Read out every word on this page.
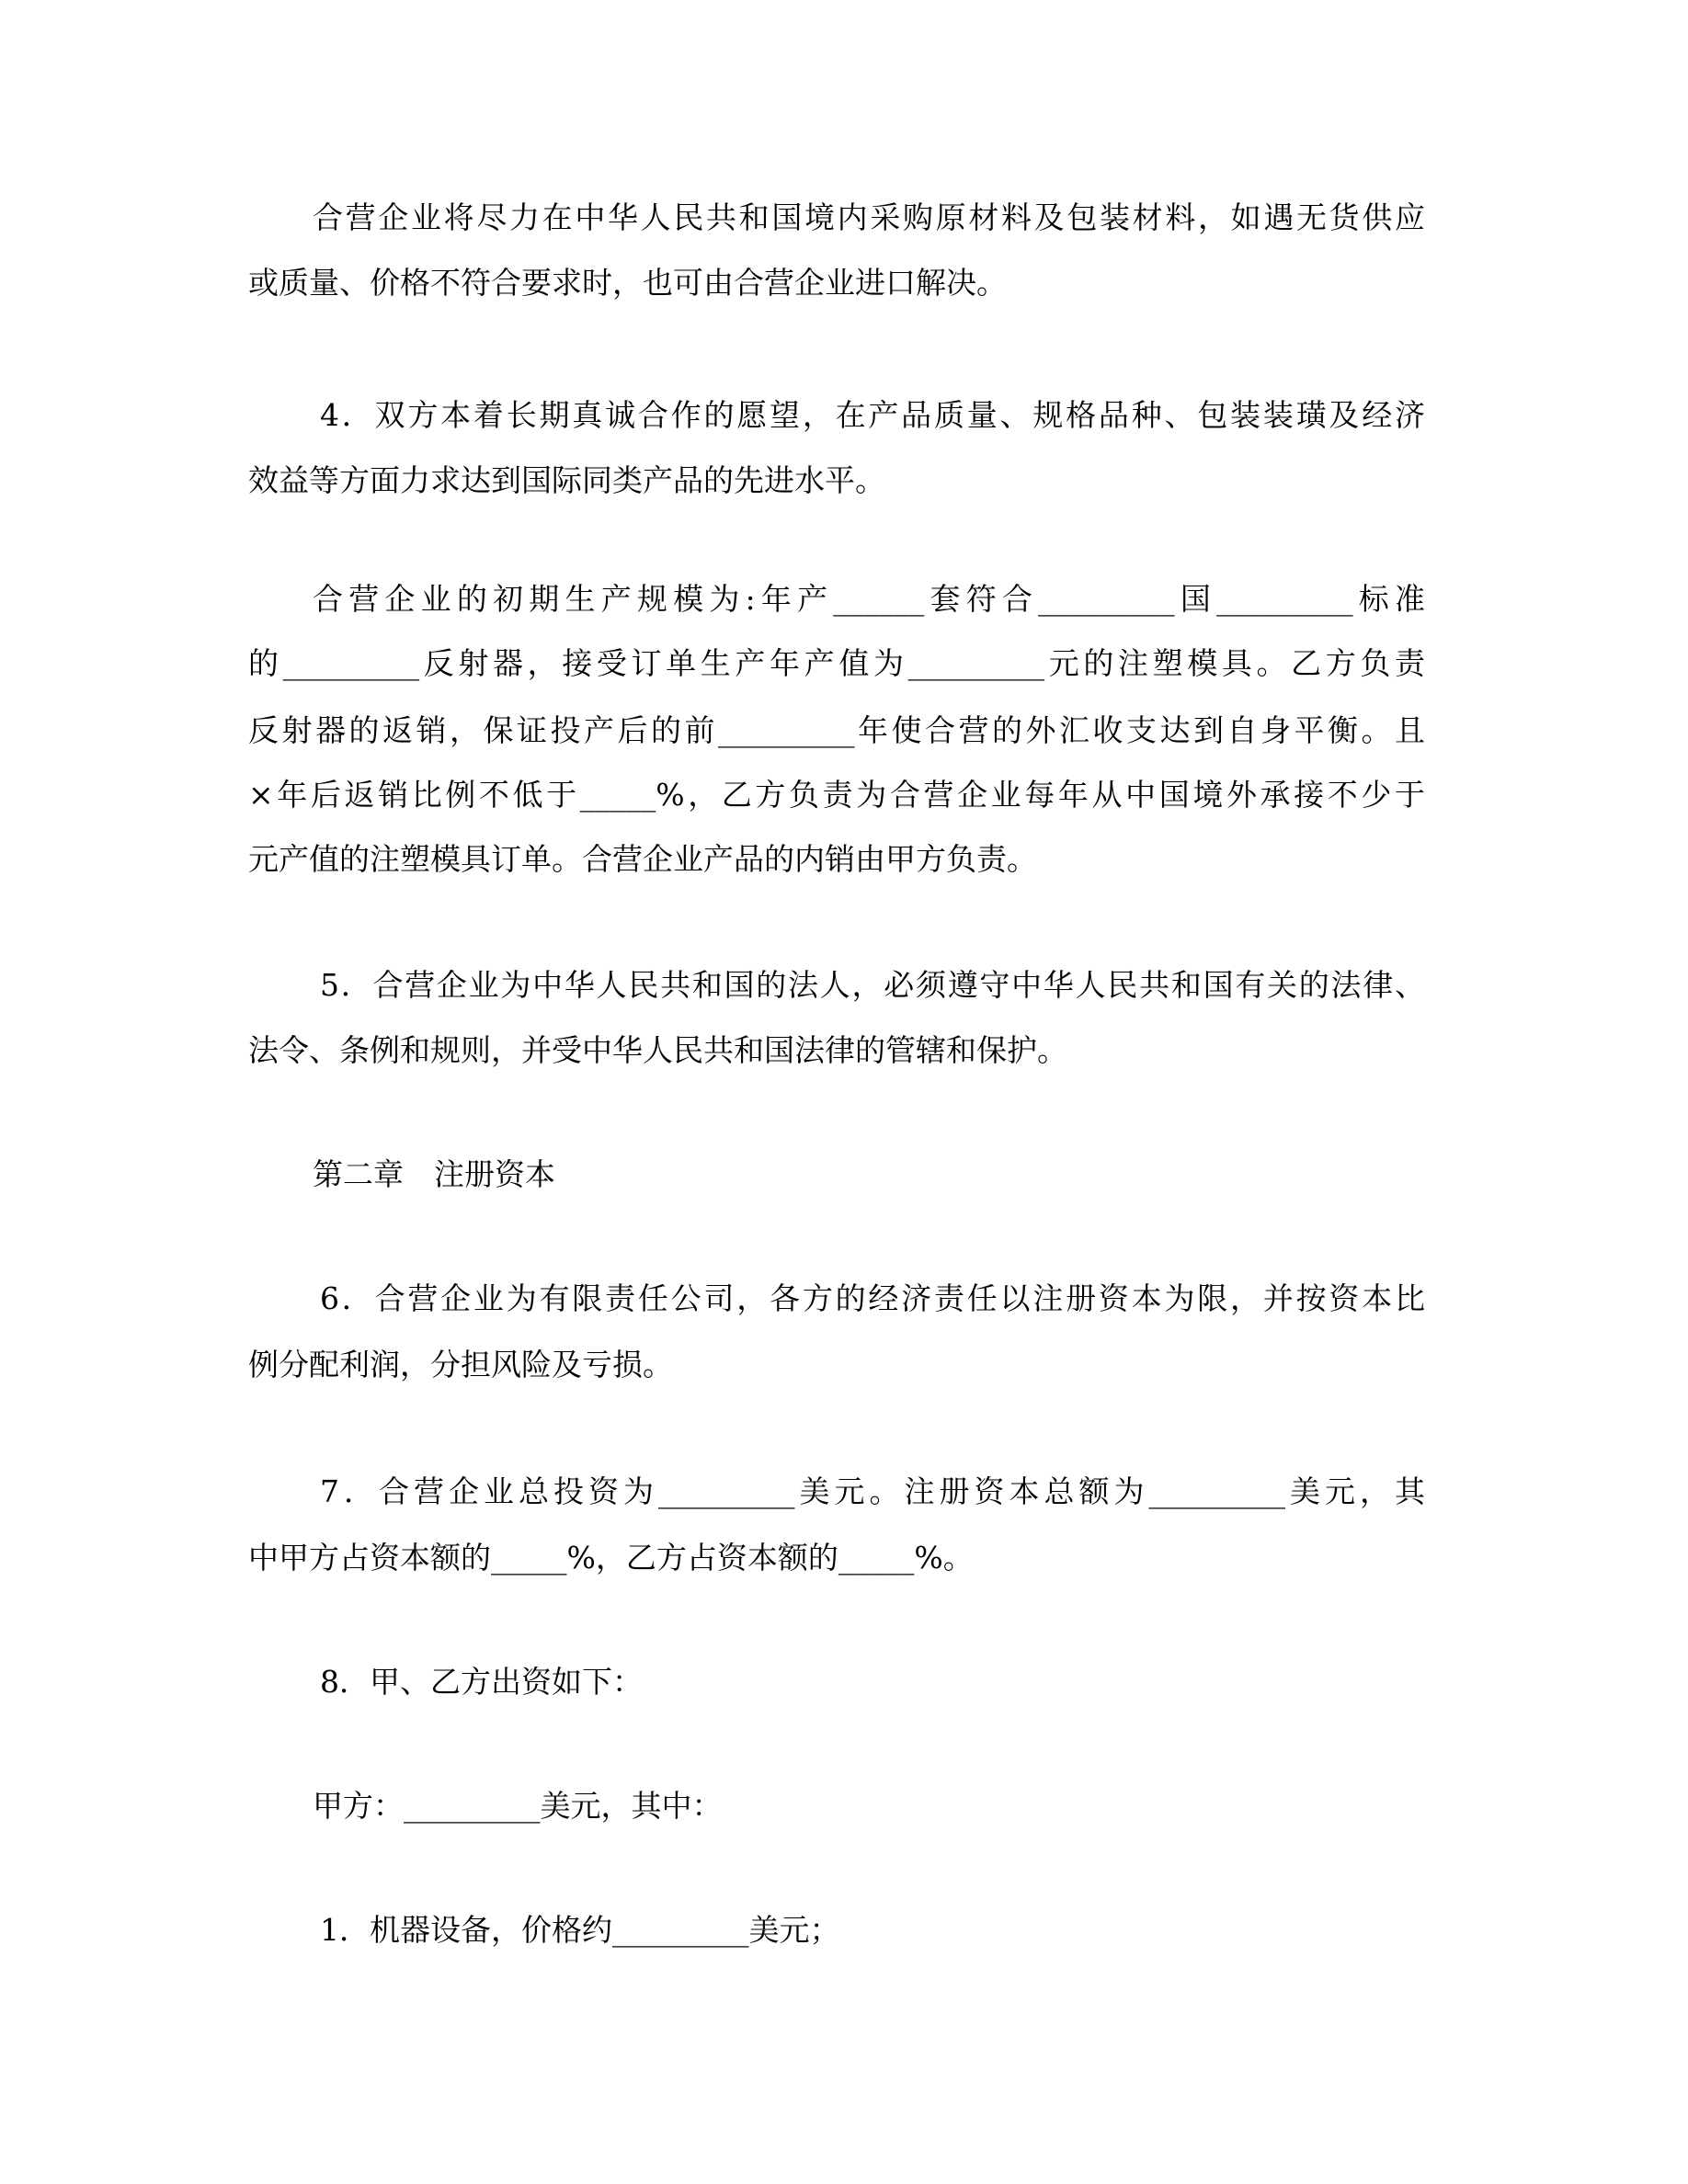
合营企业将尽力在中华人民共和国境内采购原材料及包装材料，如遇无货供应
或质量、价格不符合要求时，也可由合营企业进口解决。
4．双方本着长期真诚合作的愿望，在产品质量、规格品种、包装装璜及经济
效益等方面力求达到国际同类产品的先进水平。
合营企业的初期生产规模为:年产______套符合_________国_________标准
的_________反射器，接受订单生产年产值为_________元的注塑模具。乙方负责
反射器的返销，保证投产后的前_________年使合营的外汇收支达到自身平衡。且
×年后返销比例不低于_____%，乙方负责为合营企业每年从中国境外承接不少于
元产值的注塑模具订单。合营企业产品的内销由甲方负责。
5．合营企业为中华人民共和国的法人，必须遵守中华人民共和国有关的法律、
法令、条例和规则，并受中华人民共和国法律的管辖和保护。
第二章　注册资本
6．合营企业为有限责任公司，各方的经济责任以注册资本为限，并按资本比
例分配利润，分担风险及亏损。
7．合营企业总投资为_________美元。注册资本总额为_________美元，其
中甲方占资本额的_____%，乙方占资本额的_____%。
8．甲、乙方出资如下：
甲方：_________美元，其中：
1．机器设备，价格约_________美元；
